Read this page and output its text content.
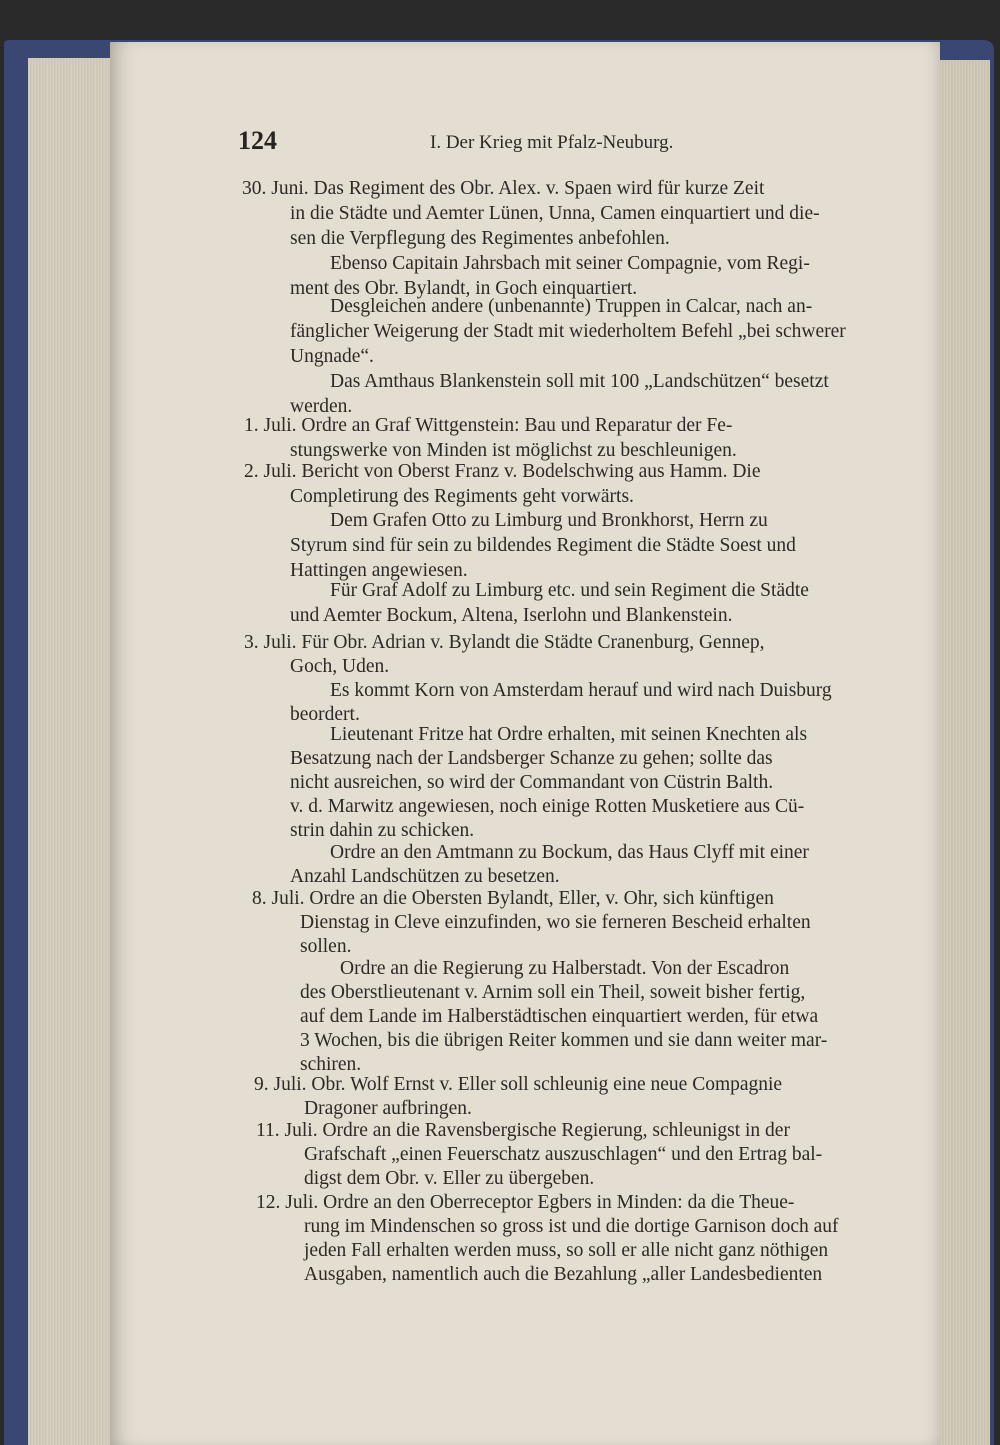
124	I. Der Krieg mit Pfalz-Neuburg.
30. Juni. Das Regiment des Obr. Alex. v. Spaen wird für kurze Zeit
in die Städte und Aemter Lünen, Unna, Camen einquartiert und die-
sen die Verpflegung des Regimentes anbefohlen.
Ebenso Capitain Jahrsbach mit seiner Compagnie, vom Regi-
ment des Obr. Bylandt, in Goch einquartiert.
Desgleichen andere (unbenannte) Truppen in Calcar, nach an-
fänglicher Weigerung der Stadt mit wiederholtem Befehl „bei schwerer
Ungnade“.
Das Amthaus Blankenstein soll mit 100 „Landschützen“ besetzt
werden.
1. Juli. Ordre an Graf Wittgenstein: Bau und Reparatur der Fe-
stungswerke von Minden ist möglichst zu beschleunigen.
2. Juli. Bericht von Oberst Franz v. Bodelschwing aus Hamm. Die
Completirung des Regiments geht vorwärts.
Dem Grafen Otto zu Limburg und Bronkhorst, Herrn zu
Styrum sind für sein zu bildendes Regiment die Städte Soest und
Hattingen angewiesen.
Für Graf Adolf zu Limburg etc. und sein Regiment die Städte
und Aemter Bockum, Altena, Iserlohn und Blankenstein.
3. Juli. Für Obr. Adrian v. Bylandt die Städte Cranenburg, Gennep,
Goch, Uden.
Es kommt Korn von Amsterdam herauf und wird nach Duisburg
beordert.
Lieutenant Fritze hat Ordre erhalten, mit seinen Knechten als
Besatzung nach der Landsberger Schanze zu gehen; sollte das
nicht ausreichen, so wird der Commandant von Cüstrin Balth.
v. d. Marwitz angewiesen, noch einige Rotten Musketiere aus Cü-
strin dahin zu schicken.
Ordre an den Amtmann zu Bockum, das Haus Clyff mit einer
Anzahl Landschützen zu besetzen.
8. Juli. Ordre an die Obersten Bylandt, Eller, v. Ohr, sich künftigen
Dienstag in Cleve einzufinden, wo sie ferneren Bescheid erhalten
sollen.
Ordre an die Regierung zu Halberstadt. Von der Escadron
des Oberstlieutenant v. Arnim soll ein Theil, soweit bisher fertig,
auf dem Lande im Halberstädtischen einquartiert werden, für etwa
3 Wochen, bis die übrigen Reiter kommen und sie dann weiter mar-
schiren.
9. Juli. Obr. Wolf Ernst v. Eller soll schleunig eine neue Compagnie
Dragoner aufbringen.
11. Juli. Ordre an die Ravensbergische Regierung, schleunigst in der
Grafschaft „einen Feuerschatz auszuschlagen“ und den Ertrag bal-
digst dem Obr. v. Eller zu übergeben.
12. Juli. Ordre an den Oberreceptor Egbers in Minden: da die Theue-
rung im Mindenschen so gross ist und die dortige Garnison doch auf
jeden Fall erhalten werden muss, so soll er alle nicht ganz nöthigen
Ausgaben, namentlich auch die Bezahlung „aller Landesbedienten
